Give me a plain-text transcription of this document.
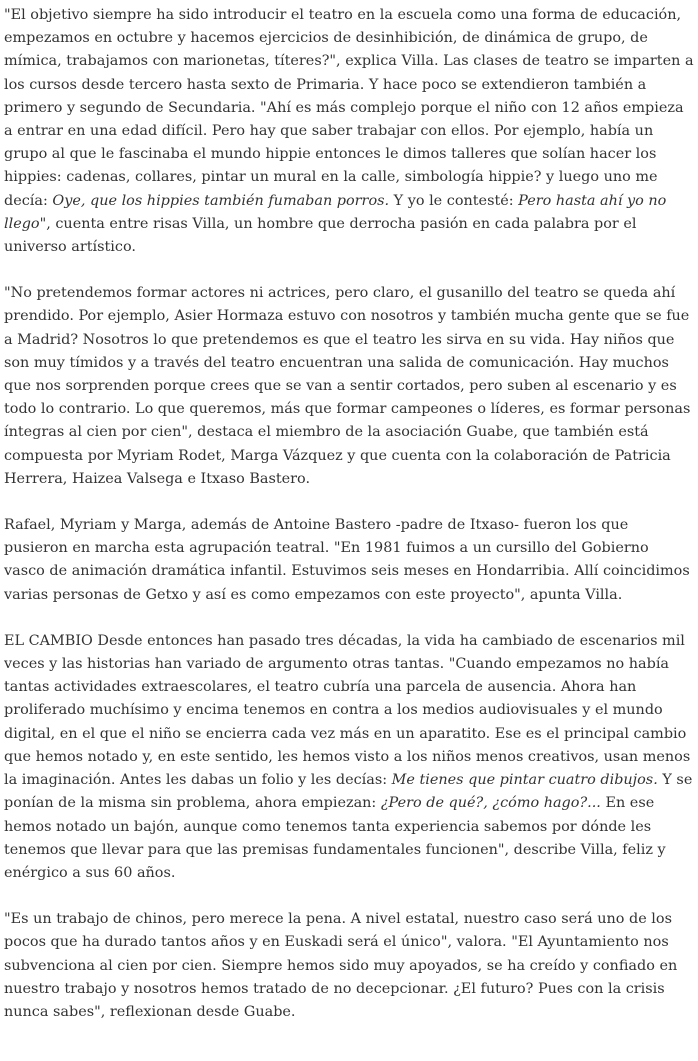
"El objetivo siempre ha sido introducir el teatro en la escuela como una forma de educación, empezamos en octubre y hacemos ejercicios de desinhibición, de dinámica de grupo, de mímica, trabajamos con marionetas, títeres?", explica Villa. Las clases de teatro se imparten a los cursos desde tercero hasta sexto de Primaria. Y hace poco se extendieron también a primero y segundo de Secundaria. "Ahí es más complejo porque el niño con 12 años empieza a entrar en una edad difícil. Pero hay que saber trabajar con ellos. Por ejemplo, había un grupo al que le fascinaba el mundo hippie entonces le dimos talleres que solían hacer los hippies: cadenas, collares, pintar un mural en la calle, simbología hippie? y luego uno me decía: Oye, que los hippies también fumaban porros. Y yo le contesté: Pero hasta ahí yo no llego", cuenta entre risas Villa, un hombre que derrocha pasión en cada palabra por el universo artístico.

"No pretendemos formar actores ni actrices, pero claro, el gusanillo del teatro se queda ahí prendido. Por ejemplo, Asier Hormaza estuvo con nosotros y también mucha gente que se fue a Madrid? Nosotros lo que pretendemos es que el teatro les sirva en su vida. Hay niños que son muy tímidos y a través del teatro encuentran una salida de comunicación. Hay muchos que nos sorprenden porque crees que se van a sentir cortados, pero suben al escenario y es todo lo contrario. Lo que queremos, más que formar campeones o líderes, es formar personas íntegras al cien por cien", destaca el miembro de la asociación Guabe, que también está compuesta por Myriam Rodet, Marga Vázquez y que cuenta con la colaboración de Patricia Herrera, Haizea Valsega e Itxaso Bastero.

Rafael, Myriam y Marga, además de Antoine Bastero -padre de Itxaso- fueron los que pusieron en marcha esta agrupación teatral. "En 1981 fuimos a un cursillo del Gobierno vasco de animación dramática infantil. Estuvimos seis meses en Hondarribia. Allí coincidimos varias personas de Getxo y así es como empezamos con este proyecto", apunta Villa.

EL CAMBIO Desde entonces han pasado tres décadas, la vida ha cambiado de escenarios mil veces y las historias han variado de argumento otras tantas. "Cuando empezamos no había tantas actividades extraescolares, el teatro cubría una parcela de ausencia. Ahora han proliferado muchísimo y encima tenemos en contra a los medios audiovisuales y el mundo digital, en el que el niño se encierra cada vez más en un aparatito. Ese es el principal cambio que hemos notado y, en este sentido, les hemos visto a los niños menos creativos, usan menos la imaginación. Antes les dabas un folio y les decías: Me tienes que pintar cuatro dibujos. Y se ponían de la misma sin problema, ahora empiezan: ¿Pero de qué?, ¿cómo hago?... En ese hemos notado un bajón, aunque como tenemos tanta experiencia sabemos por dónde les tenemos que llevar para que las premisas fundamentales funcionen", describe Villa, feliz y enérgico a sus 60 años.

"Es un trabajo de chinos, pero merece la pena. A nivel estatal, nuestro caso será uno de los pocos que ha durado tantos años y en Euskadi será el único", valora. "El Ayuntamiento nos subvenciona al cien por cien. Siempre hemos sido muy apoyados, se ha creído y confiado en nuestro trabajo y nosotros hemos tratado de no decepcionar. ¿El futuro? Pues con la crisis nunca sabes", reflexionan desde Guabe.
